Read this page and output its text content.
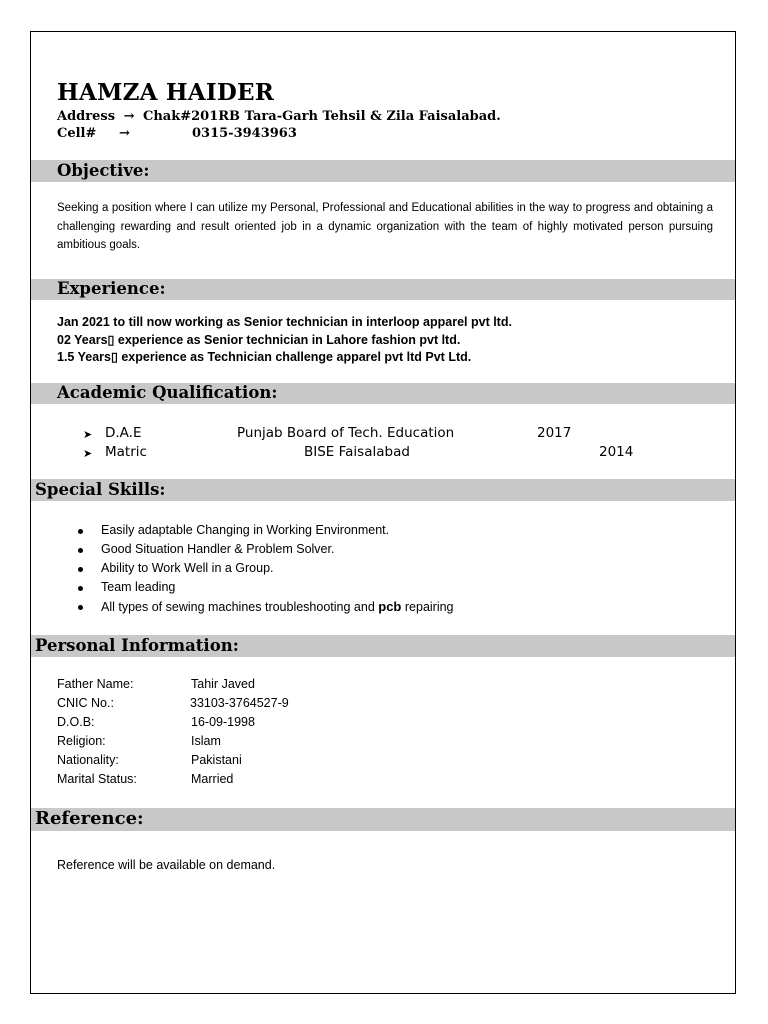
HAMZA HAIDER
Address → Chak#201RB Tara-Garh Tehsil & Zila Faisalabad.
Cell# →	0315-3943963
Objective:
Seeking a position where I can utilize my Personal, Professional and Educational abilities in the way to progress and obtaining a challenging rewarding and result oriented job in a dynamic organization with the team of highly motivated person pursuing ambitious goals.
Experience:
Jan 2021 to till now working as Senior technician in interloop apparel pvt ltd.
02 Years▯ experience as Senior technician in Lahore fashion pvt ltd.
1.5 Years▯ experience as Technician challenge apparel pvt ltd Pvt Ltd.
Academic Qualification:
➤ D.A.E	Punjab Board of Tech. Education	2017
➤ Matric	BISE Faisalabad	2014
Special Skills:
Easily adaptable Changing in Working Environment.
Good Situation Handler & Problem Solver.
Ability to Work Well in a Group.
Team leading
All types of sewing machines troubleshooting and pcb repairing
Personal Information:
Father Name:	Tahir Javed
CNIC No.:	33103-3764527-9
D.O.B:	16-09-1998
Religion:	Islam
Nationality:	Pakistani
Marital Status:	Married
Reference:
Reference will be available on demand.
